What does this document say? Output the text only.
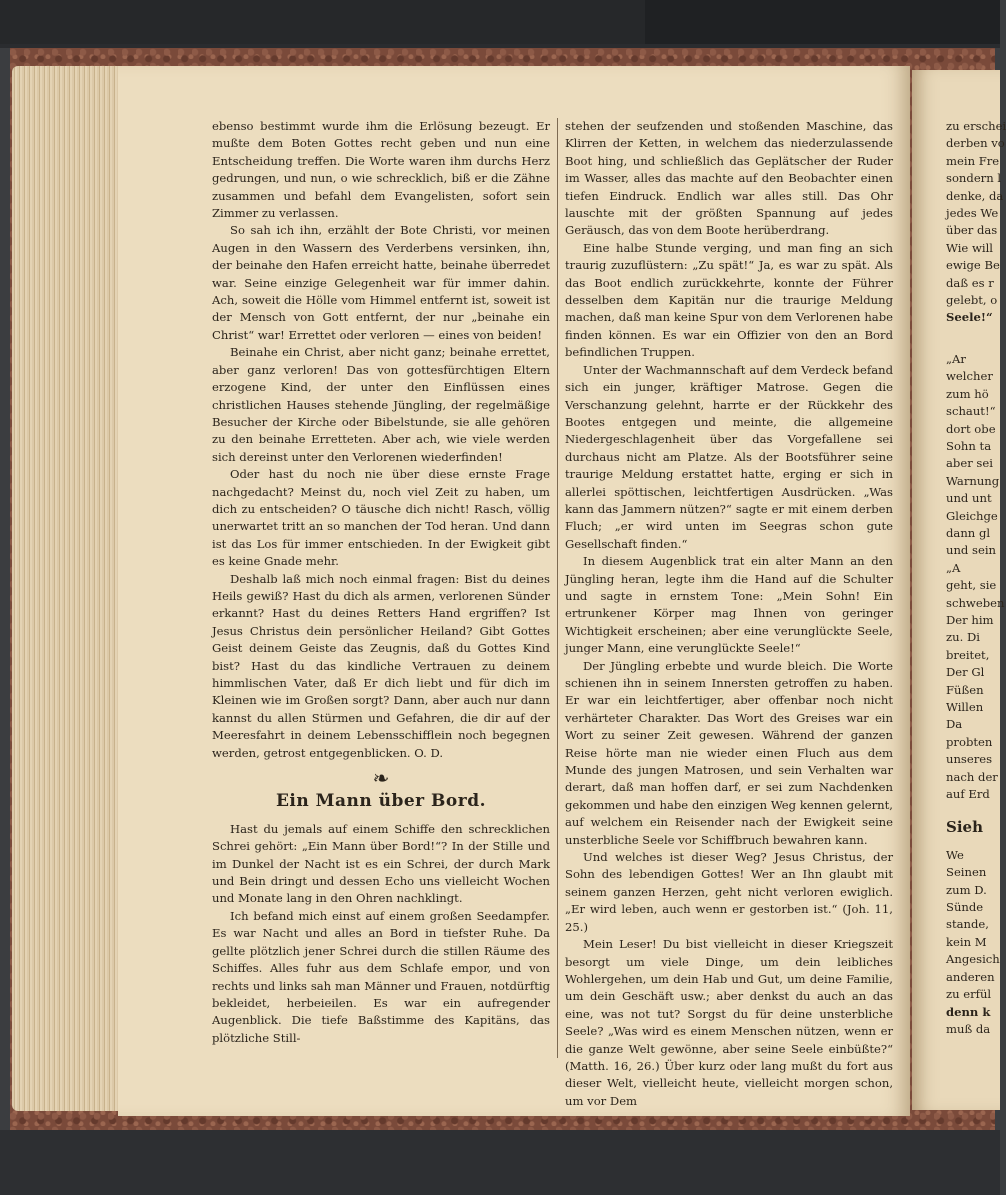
ebenso bestimmt wurde ihm die Erlösung bezeugt. Er mußte dem Boten Gottes recht geben und nun eine Entscheidung treffen. Die Worte waren ihm durchs Herz gedrungen, und nun, o wie schrecklich, biß er die Zähne zusammen und befahl dem Evangelisten, sofort sein Zimmer zu verlassen.

So sah ich ihn, erzählt der Bote Christi, vor meinen Augen in den Wassern des Verderbens versinken, ihn, der beinahe den Hafen erreicht hatte, beinahe überredet war. Seine einzige Gelegenheit war für immer dahin. Ach, soweit die Hölle vom Himmel entfernt ist, soweit ist der Mensch von Gott entfernt, der nur „beinahe ein Christ“ war! Errettet oder verloren — eines von beiden!

Beinahe ein Christ, aber nicht ganz; beinahe errettet, aber ganz verloren! Das von gottesfürchtigen Eltern erzogene Kind, der unter den Einflüssen eines christlichen Hauses stehende Jüngling, der regelmäßige Besucher der Kirche oder Bibelstunde, sie alle gehören zu den beinahe Erretteten. Aber ach, wie viele werden sich dereinst unter den Verlorenen wiederfinden!

Oder hast du noch nie über diese ernste Frage nachgedacht? Meinst du, noch viel Zeit zu haben, um dich zu entscheiden? O täusche dich nicht! Rasch, völlig unerwartet tritt an so manchen der Tod heran. Und dann ist das Los für immer entschieden. In der Ewigkeit gibt es keine Gnade mehr.

Deshalb laß mich noch einmal fragen: Bist du deines Heils gewiß? Hast du dich als armen, verlorenen Sünder erkannt? Hast du deines Retters Hand ergriffen? Ist Jesus Christus dein persönlicher Heiland? Gibt Gottes Geist deinem Geiste das Zeugnis, daß du Gottes Kind bist? Hast du das kindliche Vertrauen zu deinem himmlischen Vater, daß Er dich liebt und für dich im Kleinen wie im Großen sorgt? Dann, aber auch nur dann kannst du allen Stürmen und Gefahren, die dir auf der Meeresfahrt in deinem Lebensschifflein noch begegnen werden, getrost entgegenblicken. O. D.

❧
Ein Mann über Bord.

Hast du jemals auf einem Schiffe den schrecklichen Schrei gehört: „Ein Mann über Bord!“? In der Stille und im Dunkel der Nacht ist es ein Schrei, der durch Mark und Bein dringt und dessen Echo uns vielleicht Wochen und Monate lang in den Ohren nachklingt.

Ich befand mich einst auf einem großen Seedampfer. Es war Nacht und alles an Bord in tiefster Ruhe. Da gellte plötzlich jener Schrei durch die stillen Räume des Schiffes. Alles fuhr aus dem Schlafe empor, und von rechts und links sah man Männer und Frauen, notdürftig bekleidet, herbeieilen. Es war ein aufregender Augenblick. Die tiefe Baßstimme des Kapitäns, das plötzliche Still-

stehen der seufzenden und stoßenden Maschine, das Klirren der Ketten, in welchem das niederzulassende Boot hing, und schließlich das Geplätscher der Ruder im Wasser, alles das machte auf den Beobachter einen tiefen Eindruck. Endlich war alles still. Das Ohr lauschte mit der größten Spannung auf jedes Geräusch, das von dem Boote herüberdrang.

Eine halbe Stunde verging, und man fing an sich traurig zuzuflüstern: „Zu spät!“ Ja, es war zu spät. Als das Boot endlich zurückkehrte, konnte der Führer desselben dem Kapitän nur die traurige Meldung machen, daß man keine Spur von dem Verlorenen habe finden können. Es war ein Offizier von den an Bord befindlichen Truppen.

Unter der Wachmannschaft auf dem Verdeck befand sich ein junger, kräftiger Matrose. Gegen die Verschanzung gelehnt, harrte er der Rückkehr des Bootes entgegen und meinte, die allgemeine Niedergeschlagenheit über das Vorgefallene sei durchaus nicht am Platze. Als der Bootsführer seine traurige Meldung erstattet hatte, erging er sich in allerlei spöttischen, leichtfertigen Ausdrücken. „Was kann das Jammern nützen?“ sagte er mit einem derben Fluch; „er wird unten im Seegras schon gute Gesellschaft finden.“

In diesem Augenblick trat ein alter Mann an den Jüngling heran, legte ihm die Hand auf die Schulter und sagte in ernstem Tone: „Mein Sohn! Ein ertrunkener Körper mag Ihnen von geringer Wichtigkeit erscheinen; aber eine verunglückte Seele, junger Mann, eine verunglückte Seele!“

Der Jüngling erbebte und wurde bleich. Die Worte schienen ihn in seinem Innersten getroffen zu haben. Er war ein leichtfertiger, aber offenbar noch nicht verhärteter Charakter. Das Wort des Greises war ein Wort zu seiner Zeit gewesen. Während der ganzen Reise hörte man nie wieder einen Fluch aus dem Munde des jungen Matrosen, und sein Verhalten war derart, daß man hoffen darf, er sei zum Nachdenken gekommen und habe den einzigen Weg kennen gelernt, auf welchem ein Reisender nach der Ewigkeit seine unsterbliche Seele vor Schiffbruch bewahren kann.

Und welches ist dieser Weg? Jesus Christus, der Sohn des lebendigen Gottes! Wer an Ihn glaubt mit seinem ganzen Herzen, geht nicht verloren ewiglich. „Er wird leben, auch wenn er gestorben ist.“ (Joh. 11, 25.)

Mein Leser! Du bist vielleicht in dieser Kriegszeit besorgt um viele Dinge, um dein leibliches Wohlergehen, um dein Hab und Gut, um deine Familie, um dein Geschäft usw.; aber denkst du auch an das eine, was not tut? Sorgst du für deine unsterbliche Seele? „Was wird es einem Menschen nützen, wenn er die ganze Welt gewönne, aber seine Seele einbüßte?“ (Matth. 16, 26.) Über kurz oder lang mußt du fort aus dieser Welt, vielleicht heute, vielleicht morgen schon, um vor Dem

zu erschei
derben vo
mein Fre
sondern l
denke, da
jedes We
über das
Wie will
ewige Be
daß es r
gelebt, o
Seele!“
„Ar
welcher
zum hö
schaut!“
dort obe
Sohn ta
aber sei
Warnung
und unt
Gleichge
dann gl
und sein
„A
geht, sie
schweben
Der him
zu. Di
breitet,
Der Gl
Füßen
Willen
Da
probten
unseres
nach der
auf Erd
Sieh
We
Seinen
zum D.
Sünde
stande,
kein M
Angesich
anderen
zu erfül
denn k
muß da
